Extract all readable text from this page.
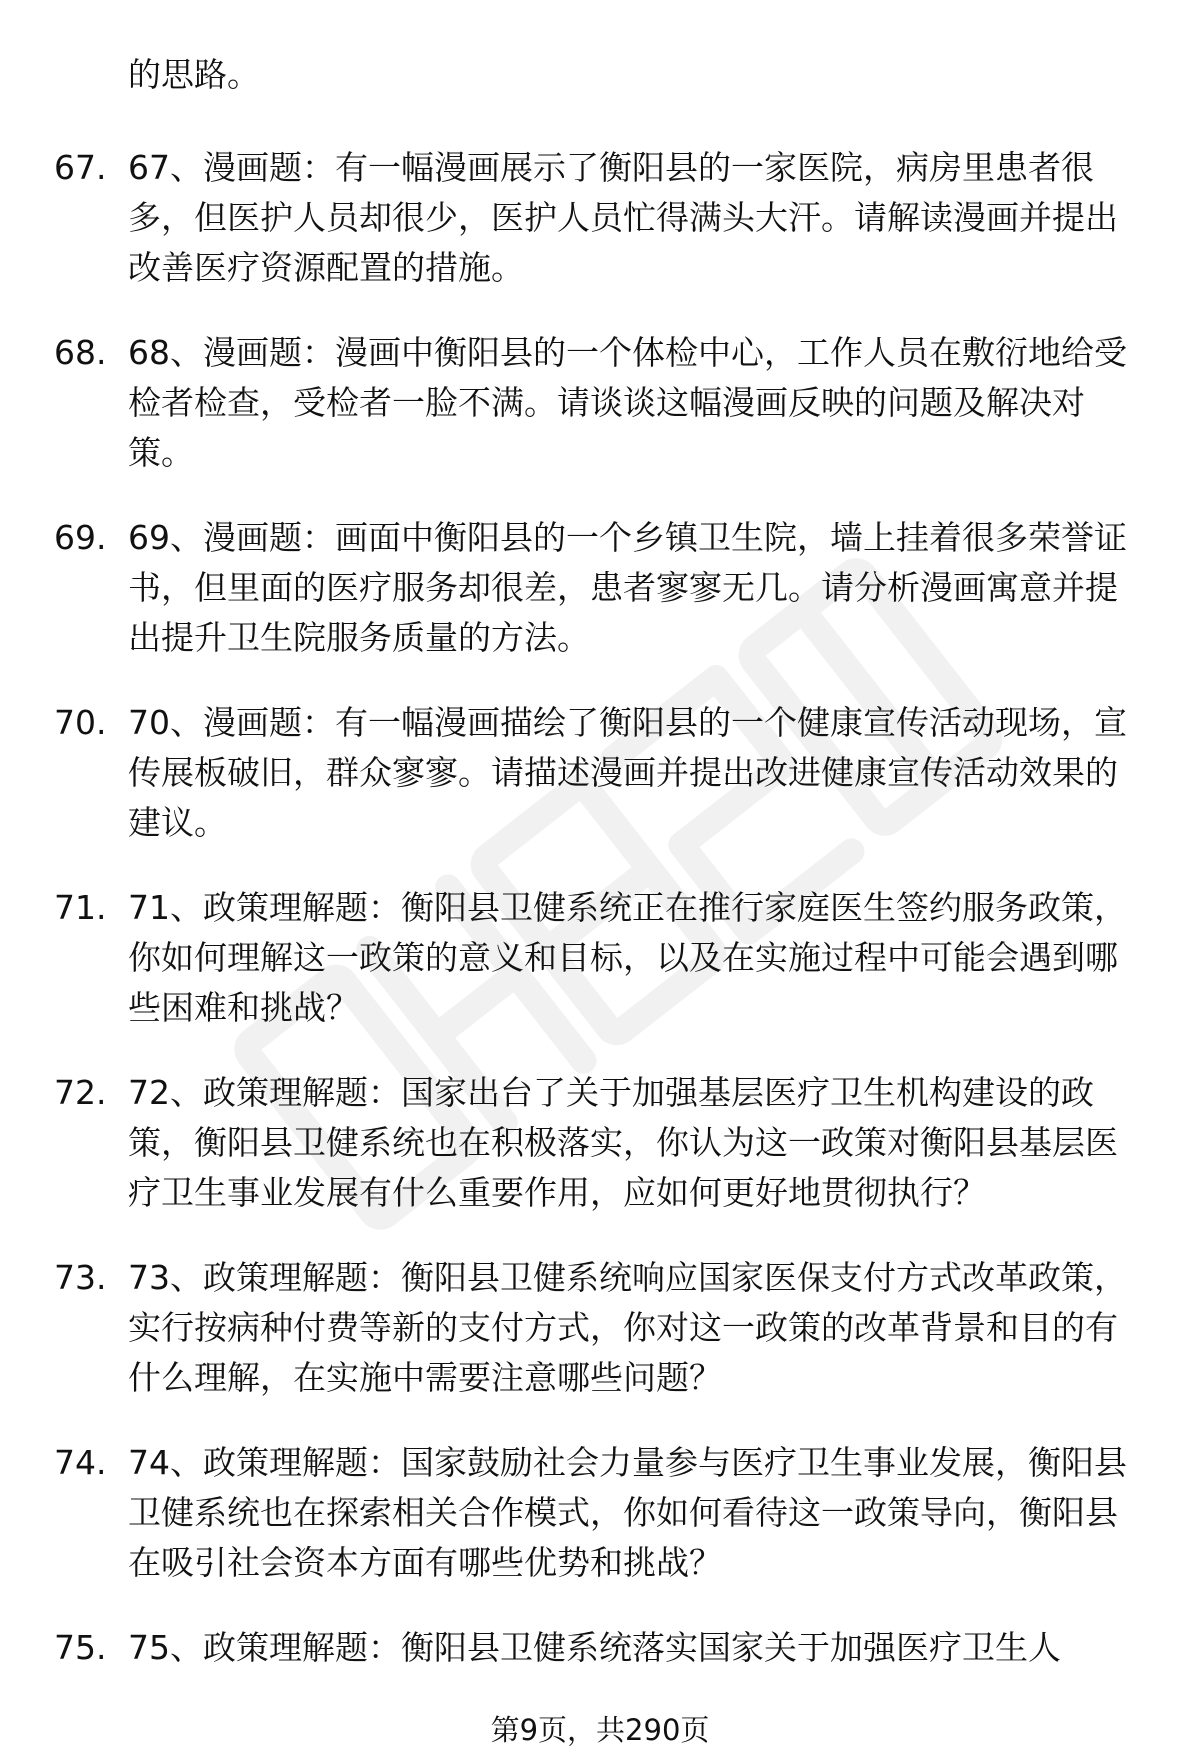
的思路。
67. 67、漫画题：有一幅漫画展示了衡阳县的一家医院，病房里患者很多，但医护人员却很少，医护人员忙得满头大汗。请解读漫画并提出改善医疗资源配置的措施。
68. 68、漫画题：漫画中衡阳县的一个体检中心，工作人员在敷衍地给受检者检查，受检者一脸不满。请谈谈这幅漫画反映的问题及解决对策。
69. 69、漫画题：画面中衡阳县的一个乡镇卫生院，墙上挂着很多荣誉证书，但里面的医疗服务却很差，患者寥寥无几。请分析漫画寓意并提出提升卫生院服务质量的方法。
70. 70、漫画题：有一幅漫画描绘了衡阳县的一个健康宣传活动现场，宣传展板破旧，群众寥寥。请描述漫画并提出改进健康宣传活动效果的建议。
71. 71、政策理解题：衡阳县卫健系统正在推行家庭医生签约服务政策，你如何理解这一政策的意义和目标，以及在实施过程中可能会遇到哪些困难和挑战？
72. 72、政策理解题：国家出台了关于加强基层医疗卫生机构建设的政策，衡阳县卫健系统也在积极落实，你认为这一政策对衡阳县基层医疗卫生事业发展有什么重要作用，应如何更好地贯彻执行？
73. 73、政策理解题：衡阳县卫健系统响应国家医保支付方式改革政策，实行按病种付费等新的支付方式，你对这一政策的改革背景和目的有什么理解，在实施中需要注意哪些问题？
74. 74、政策理解题：国家鼓励社会力量参与医疗卫生事业发展，衡阳县卫健系统也在探索相关合作模式，你如何看待这一政策导向，衡阳县在吸引社会资本方面有哪些优势和挑战？
75. 75、政策理解题：衡阳县卫健系统落实国家关于加强医疗卫生人
第9页，共290页
